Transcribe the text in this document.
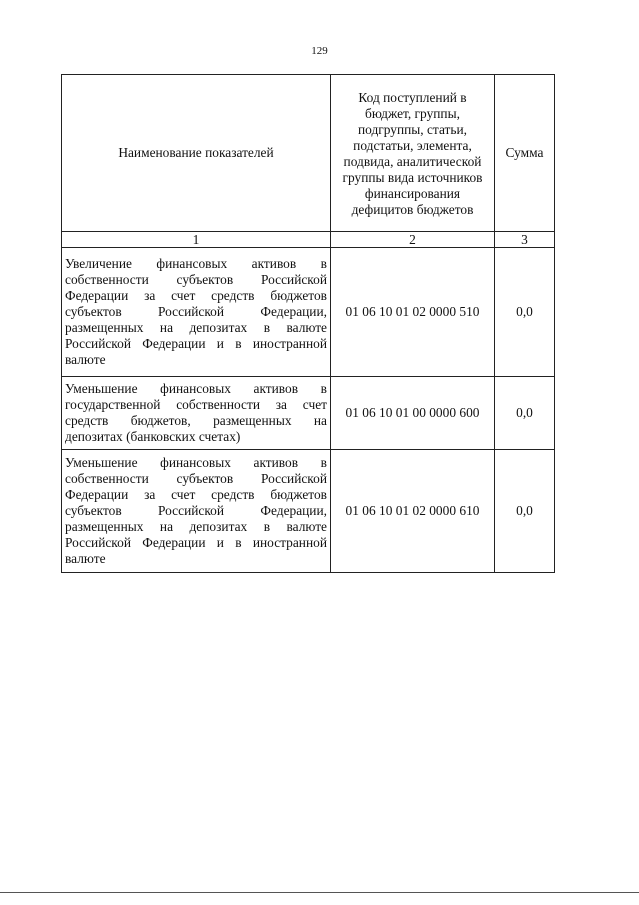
129
Наименование показателей	Код поступлений в бюджет, группы, подгруппы, статьи, подстатьи, элемента, подвида, аналитической группы вида источников финансирования дефицитов бюджетов	Сумма
1	2	3
Увеличение финансовых активов в собственности субъектов Российской Федерации за счет средств бюджетов субъектов Российской Федерации, размещенных на депозитах в валюте Российской Федерации и в иностранной валюте	01 06 10 01 02 0000 510	0,0
Уменьшение финансовых активов в государственной собственности за счет средств бюджетов, размещенных на депозитах (банковских счетах)	01 06 10 01 00 0000 600	0,0
Уменьшение финансовых активов в собственности субъектов Российской Федерации за счет средств бюджетов субъектов Российской Федерации, размещенных на депозитах в валюте Российской Федерации и в иностранной валюте	01 06 10 01 02 0000 610	0,0
